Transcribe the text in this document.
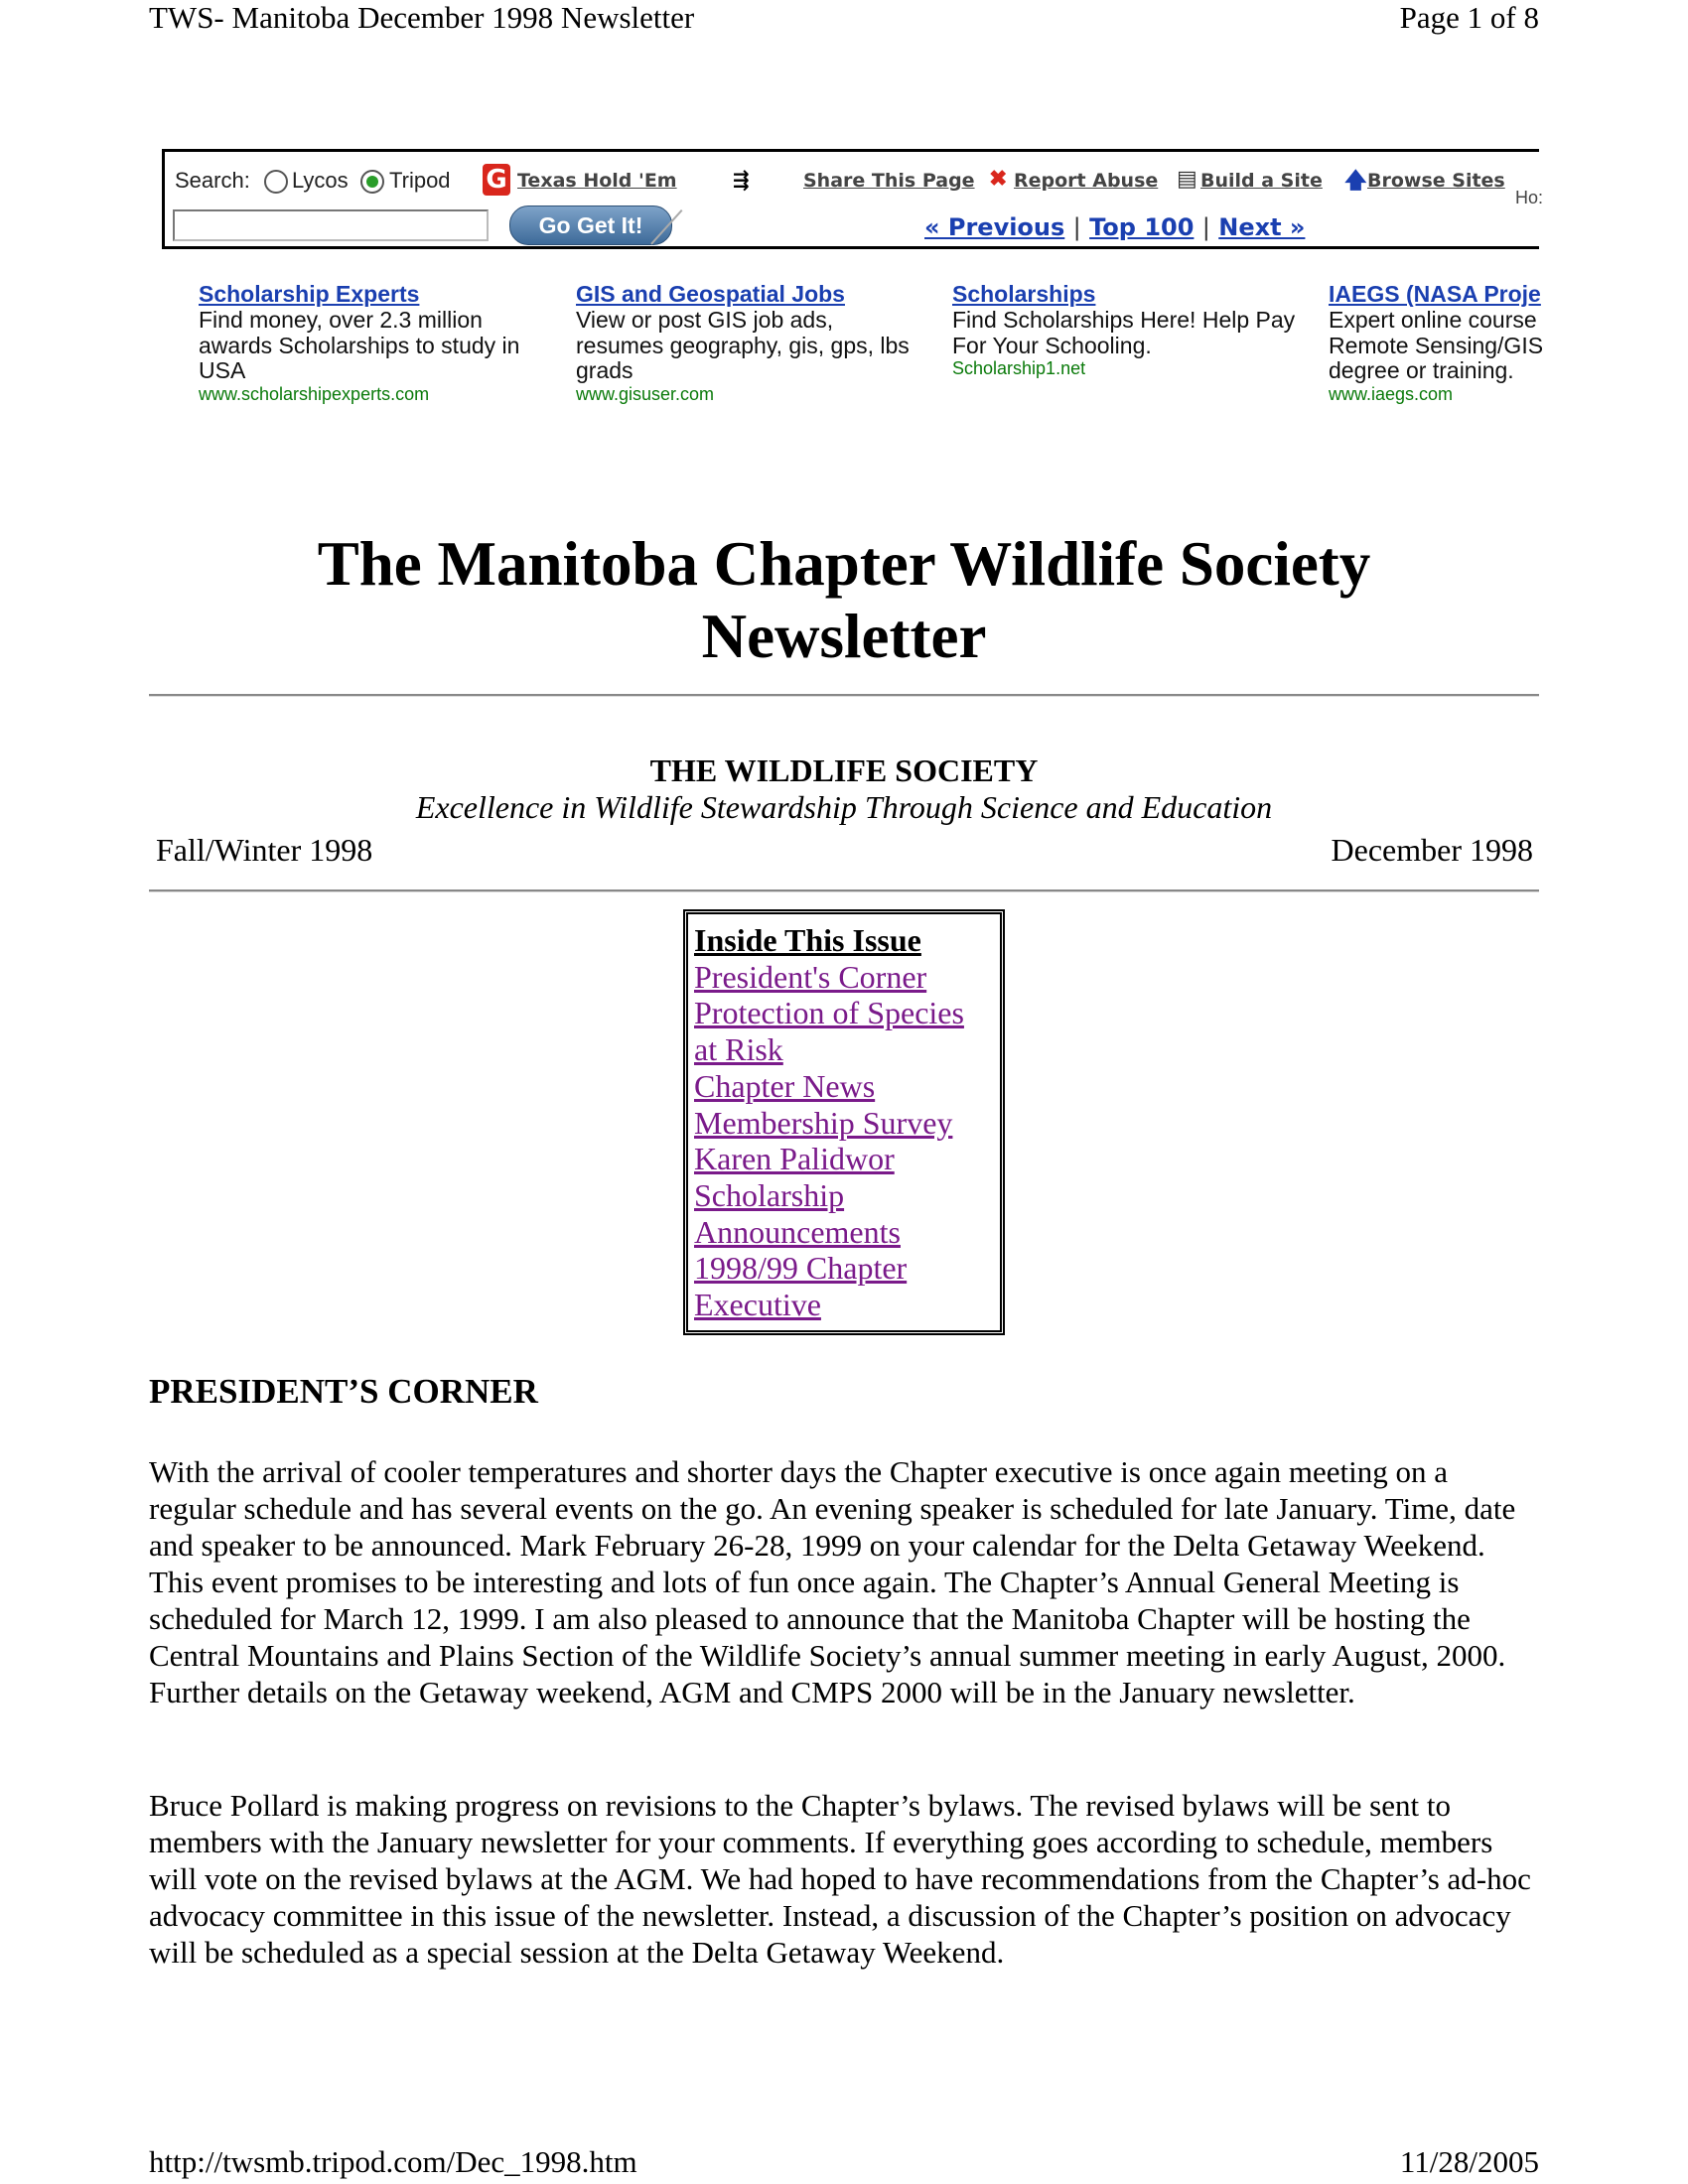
TWS- Manitoba December 1998 Newsletter	Page 1 of 8
Search: Lycos Tripod G Texas Hold 'Em
Go Get It!
⇶	Share This Page ✖ Report Abuse ▤ Build a Site 🡅 Browse Sites
Ho:
« Previous | Top 100 | Next »
Scholarship Experts
Find money, over 2.3 million awards Scholarships to study in USA
www.scholarshipexperts.com
GIS and Geospatial Jobs
View or post GIS job ads, resumes geography, gis, gps, lbs grads
www.gisuser.com
Scholarships
Find Scholarships Here! Help Pay For Your Schooling.
Scholarship1.net
IAEGS (NASA Proje
Expert online course Remote Sensing/GIS degree or training.
www.iaegs.com
The Manitoba Chapter Wildlife Society
Newsletter
THE WILDLIFE SOCIETY
Excellence in Wildlife Stewardship Through Science and Education
Fall/Winter 1998	December 1998
Inside This Issue
President's Corner
Protection of Species
at Risk
Chapter News
Membership Survey
Karen Palidwor
Scholarship
Announcements
1998/99 Chapter
Executive
PRESIDENT’S CORNER
With the arrival of cooler temperatures and shorter days the Chapter executive is once again meeting on a regular schedule and has several events on the go. An evening speaker is scheduled for late January. Time, date and speaker to be announced. Mark February 26-28, 1999 on your calendar for the Delta Getaway Weekend. This event promises to be interesting and lots of fun once again. The Chapter’s Annual General Meeting is scheduled for March 12, 1999. I am also pleased to announce that the Manitoba Chapter will be hosting the Central Mountains and Plains Section of the Wildlife Society’s annual summer meeting in early August, 2000. Further details on the Getaway weekend, AGM and CMPS 2000 will be in the January newsletter.
Bruce Pollard is making progress on revisions to the Chapter’s bylaws. The revised bylaws will be sent to members with the January newsletter for your comments. If everything goes according to schedule, members will vote on the revised bylaws at the AGM. We had hoped to have recommendations from the Chapter’s ad-hoc advocacy committee in this issue of the newsletter. Instead, a discussion of the Chapter’s position on advocacy will be scheduled as a special session at the Delta Getaway Weekend.
http://twsmb.tripod.com/Dec_1998.htm	11/28/2005
